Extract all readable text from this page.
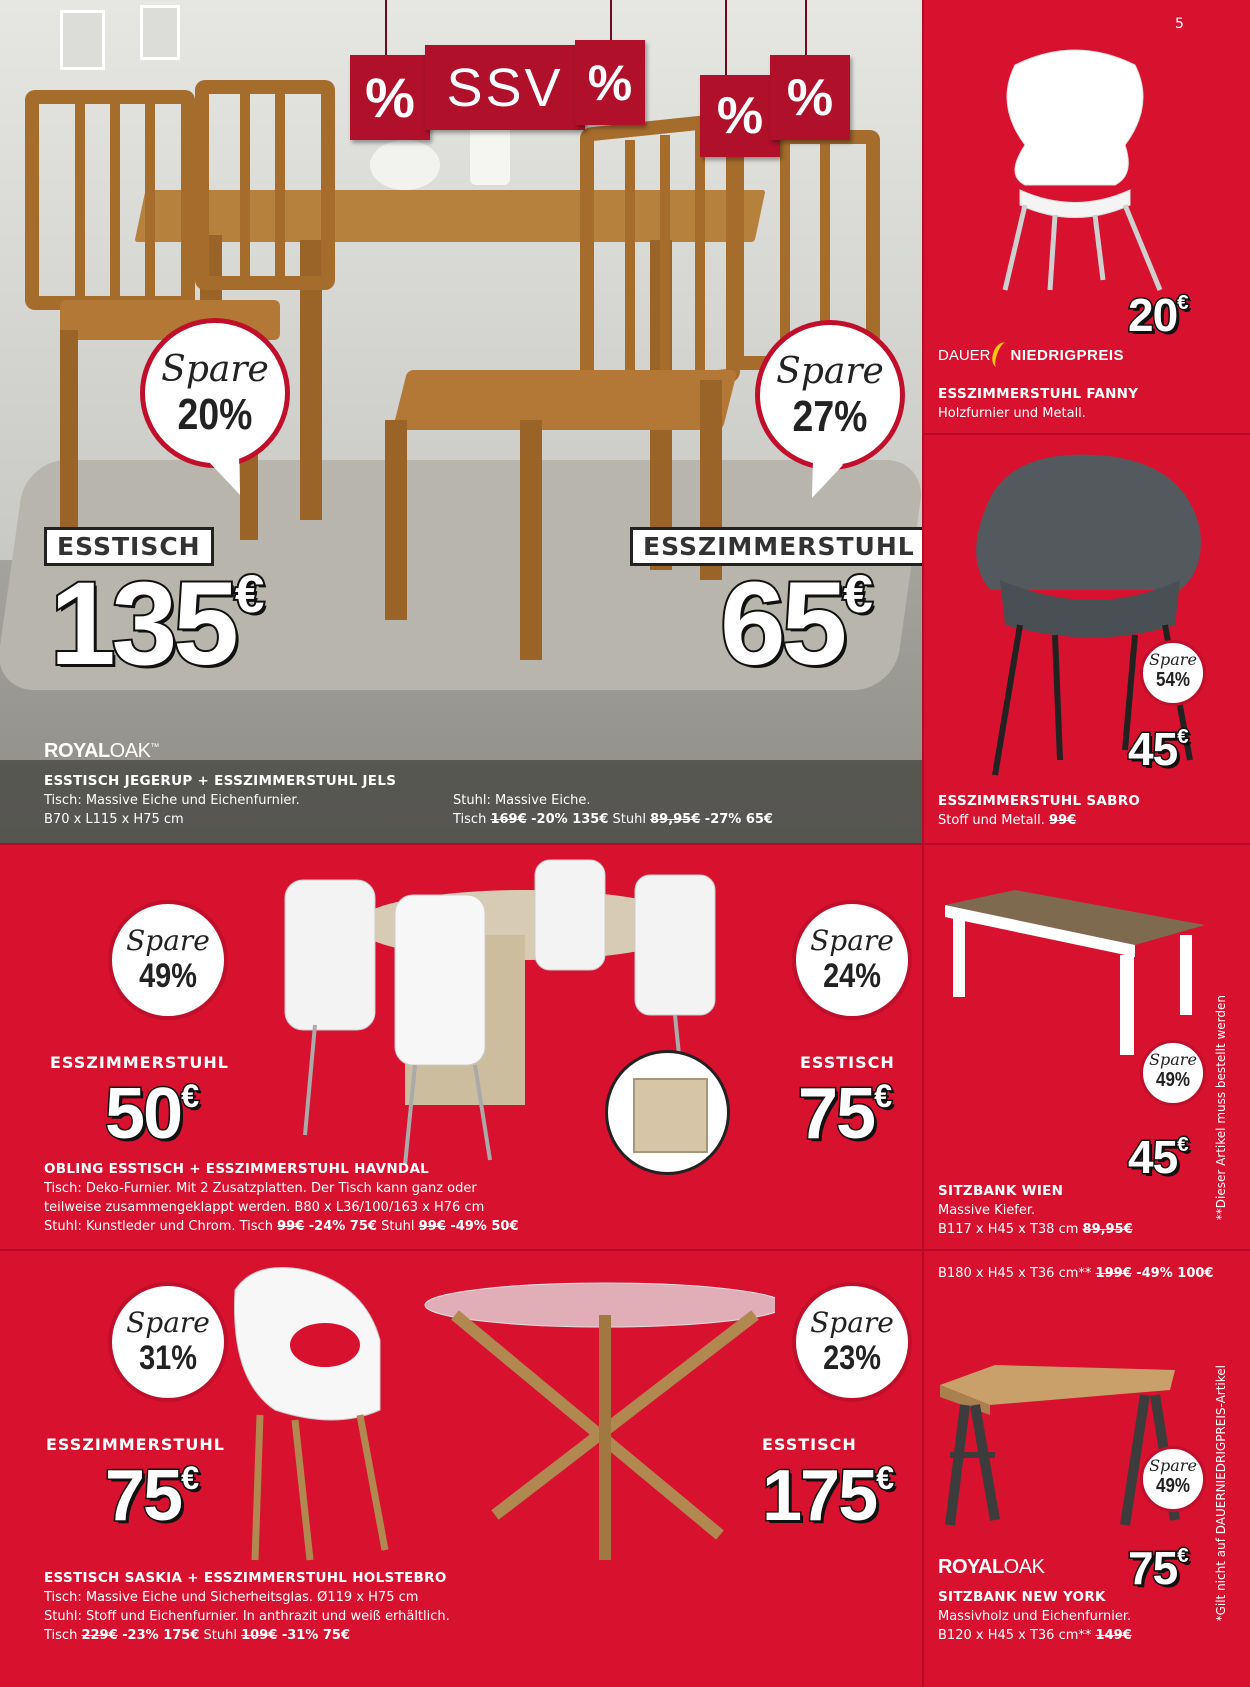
% SSV %
% %
Spare
20%
Spare
27%
ESSTISCH
135€
ESSZIMMERSTUHL
65€
ROYALOAK™
ESSTISCH JEGERUP + ESSZIMMERSTUHL JELS
Tisch: Massive Eiche und Eichenfurnier.
B70 x L115 x H75 cm
Stuhl: Massive Eiche.
Tisch 169€ -20% 135€ Stuhl 89,95€ -27% 65€
5
20€
DAUER NIEDRIGPREIS
ESSZIMMERSTUHL FANNY
Holzfurnier und Metall.
Spare
54%
45€
ESSZIMMERSTUHL SABRO
Stoff und Metall. 99€
Spare
49%
ESSZIMMERSTUHL
50€
Spare
24%
ESSTISCH
75€
OBLING ESSTISCH + ESSZIMMERSTUHL HAVNDAL
Tisch: Deko-Furnier. Mit 2 Zusatzplatten. Der Tisch kann ganz oder
teilweise zusammengeklappt werden. B80 x L36/100/163 x H76 cm
Stuhl: Kunstleder und Chrom. Tisch 99€ -24% 75€ Stuhl 99€ -49% 50€
Spare
49%
45€
SITZBANK WIEN
Massive Kiefer.
B117 x H45 x T38 cm 89,95€
B180 x H45 x T36 cm** 199€ -49% 100€
**Dieser Artikel muss bestellt werden
Spare
31%
ESSZIMMERSTUHL
75€
Spare
23%
ESSTISCH
175€
ESSTISCH SASKIA + ESSZIMMERSTUHL HOLSTEBRO
Tisch: Massive Eiche und Sicherheitsglas. Ø119 x H75 cm
Stuhl: Stoff und Eichenfurnier. In anthrazit und weiß erhältlich.
Tisch 229€ -23% 175€ Stuhl 109€ -31% 75€
Spare
49%
ROYALOAK 75€
SITZBANK NEW YORK
Massivholz und Eichenfurnier.
B120 x H45 x T36 cm** 149€
*Gilt nicht auf DAUERNIEDRIGPREIS-Artikel
